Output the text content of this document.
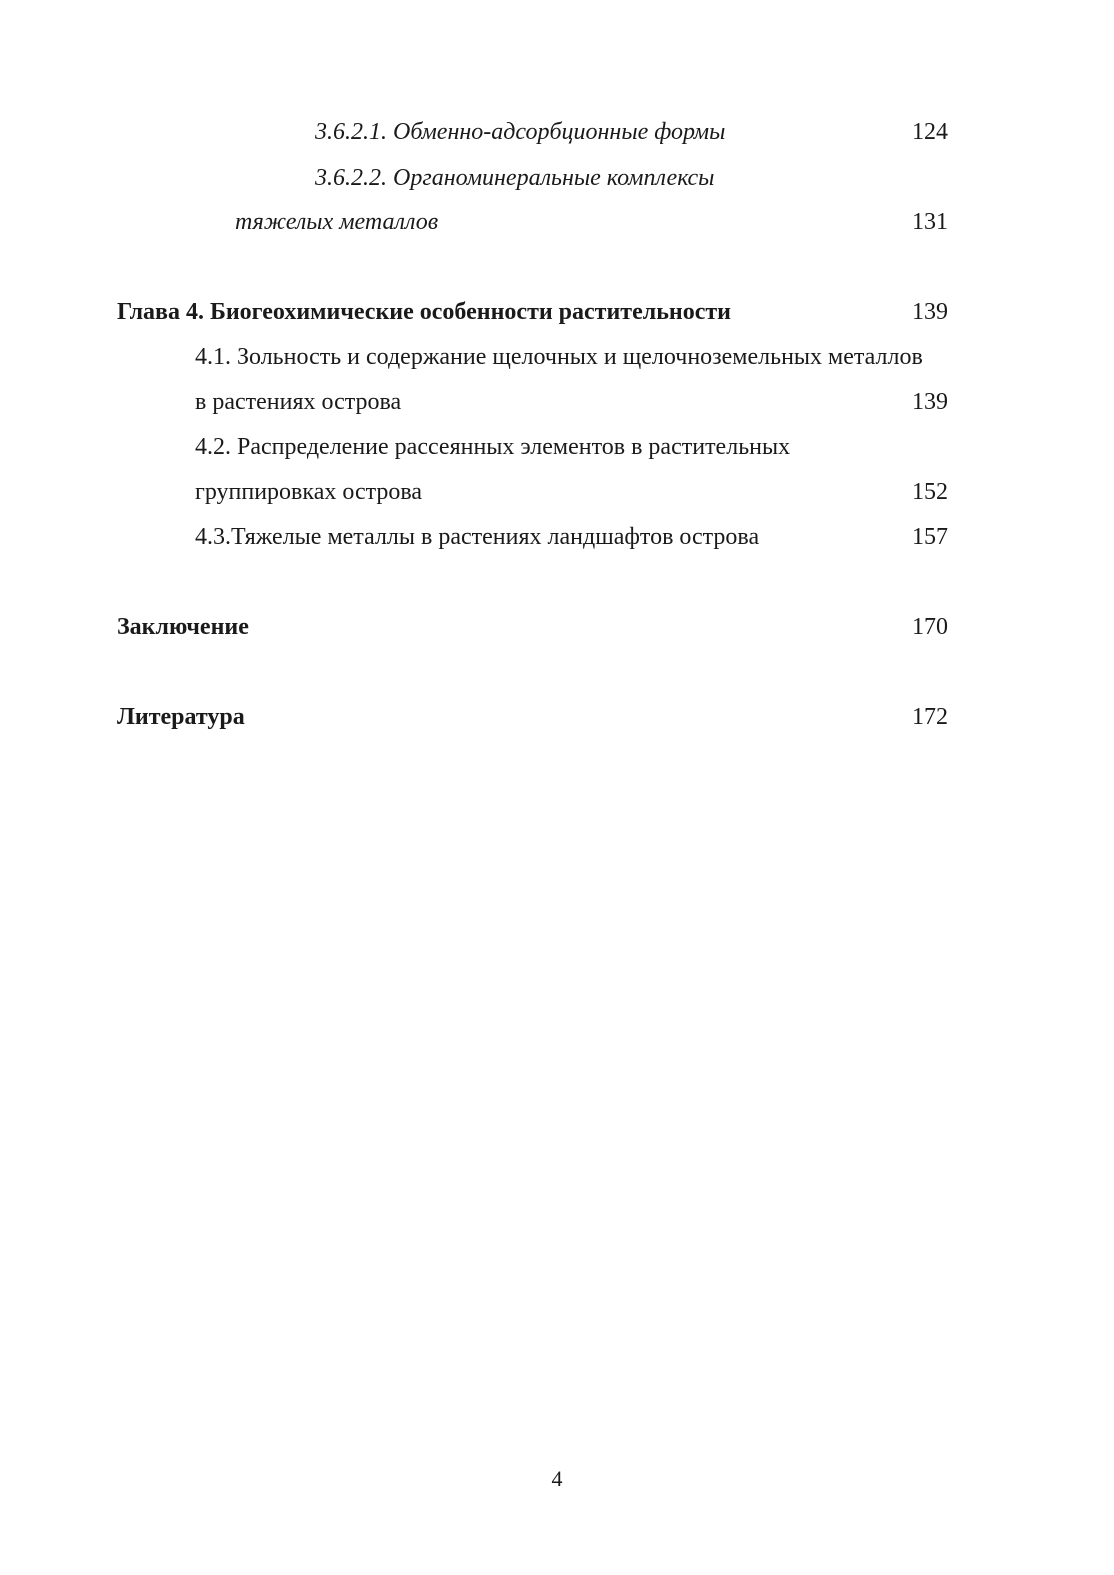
3.6.2.1. Обменно-адсорбционные формы	124

3.6.2.2. Органоминеральные комплексы

тяжелых металлов	131

Глава 4. Биогеохимические особенности растительности	139

4.1. Зольность и содержание щелочных и щелочноземельных металлов

в растениях острова	139

4.2. Распределение рассеянных элементов в растительных

группировках острова	152

4.3.Тяжелые металлы в растениях ландшафтов острова	157

Заключение	170

Литература	172
4
